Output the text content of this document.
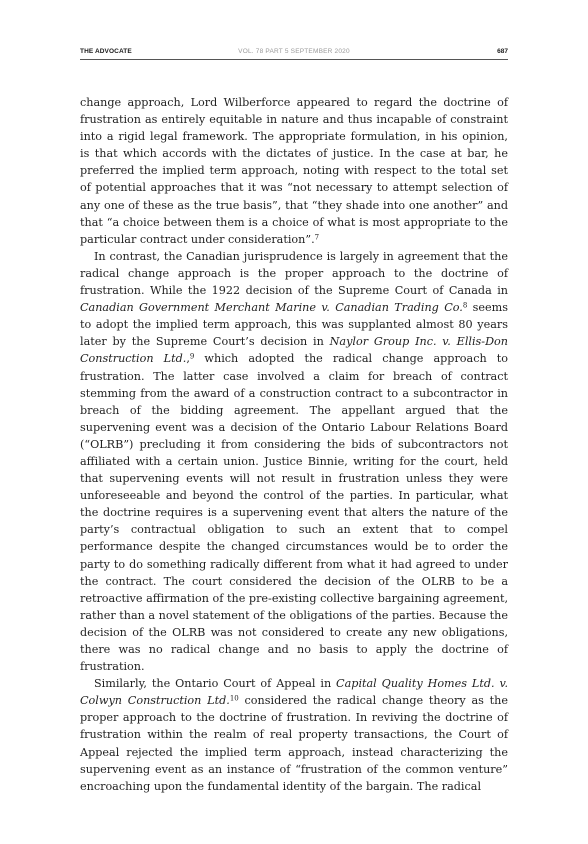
THE ADVOCATE	VOL. 78 PART 5 SEPTEMBER 2020	687

change approach, Lord Wilberforce appeared to regard the doctrine of frustration as entirely equitable in nature and thus incapable of constraint into a rigid legal framework. The appropriate formulation, in his opinion, is that which accords with the dictates of justice. In the case at bar, he preferred the implied term approach, noting with respect to the total set of potential approaches that it was “not necessary to attempt selection of any one of these as the true basis”, that “they shade into one another” and that “a choice between them is a choice of what is most appropriate to the particular contract under consideration”.$^7$

In contrast, the Canadian jurisprudence is largely in agreement that the radical change approach is the proper approach to the doctrine of frustration. While the 1922 decision of the Supreme Court of Canada in Canadian Government Merchant Marine v. Canadian Trading Co.$^8$ seems to adopt the implied term approach, this was supplanted almost 80 years later by the Supreme Court’s decision in Naylor Group Inc. v. Ellis-Don Construction Ltd.,$^9$ which adopted the radical change approach to frustration. The latter case involved a claim for breach of contract stemming from the award of a construction contract to a subcontractor in breach of the bidding agreement. The appellant argued that the supervening event was a decision of the Ontario Labour Relations Board (“OLRB”) precluding it from considering the bids of subcontractors not affiliated with a certain union. Justice Binnie, writing for the court, held that supervening events will not result in frustration unless they were unforeseeable and beyond the control of the parties. In particular, what the doctrine requires is a supervening event that alters the nature of the party’s contractual obligation to such an extent that to compel performance despite the changed circumstances would be to order the party to do something radically different from what it had agreed to under the contract. The court considered the decision of the OLRB to be a retroactive affirmation of the pre-existing collective bargaining agreement, rather than a novel statement of the obligations of the parties. Because the decision of the OLRB was not considered to create any new obligations, there was no radical change and no basis to apply the doctrine of frustration.

Similarly, the Ontario Court of Appeal in Capital Quality Homes Ltd. v. Colwyn Construction Ltd.$^{10}$ considered the radical change theory as the proper approach to the doctrine of frustration. In reviving the doctrine of frustration within the realm of real property transactions, the Court of Appeal rejected the implied term approach, instead characterizing the supervening event as an instance of “frustration of the common venture” encroaching upon the fundamental identity of the bargain. The radical
